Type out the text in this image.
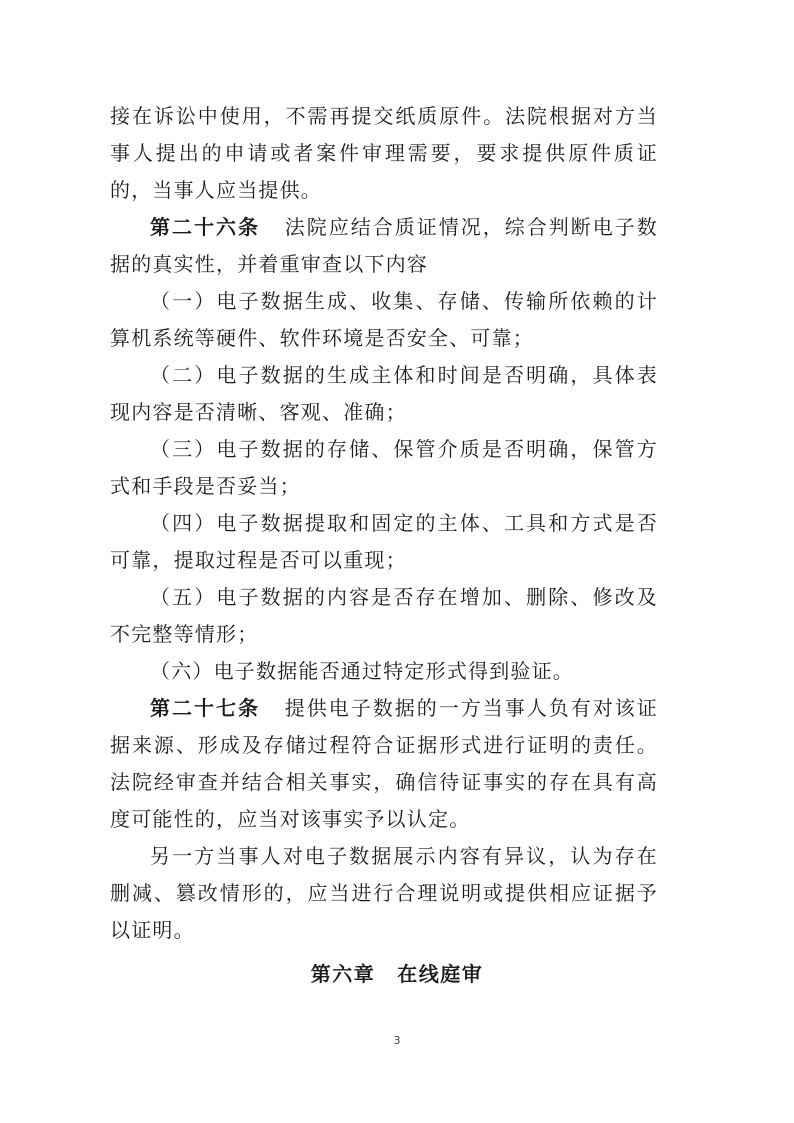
接在诉讼中使用，不需再提交纸质原件。法院根据对方当事人提出的申请或者案件审理需要，要求提供原件质证的，当事人应当提供。

第二十六条 法院应结合质证情况，综合判断电子数据的真实性，并着重审查以下内容

（一）电子数据生成、收集、存储、传输所依赖的计算机系统等硬件、软件环境是否安全、可靠；

（二）电子数据的生成主体和时间是否明确，具体表现内容是否清晰、客观、准确；

（三）电子数据的存储、保管介质是否明确，保管方式和手段是否妥当；

（四）电子数据提取和固定的主体、工具和方式是否可靠，提取过程是否可以重现；

（五）电子数据的内容是否存在增加、删除、修改及不完整等情形；

（六）电子数据能否通过特定形式得到验证。

第二十七条 提供电子数据的一方当事人负有对该证据来源、形成及存储过程符合证据形式进行证明的责任。法院经审查并结合相关事实，确信待证事实的存在具有高度可能性的，应当对该事实予以认定。

另一方当事人对电子数据展示内容有异议，认为存在删减、篡改情形的，应当进行合理说明或提供相应证据予以证明。

第六章 在线庭审
3
